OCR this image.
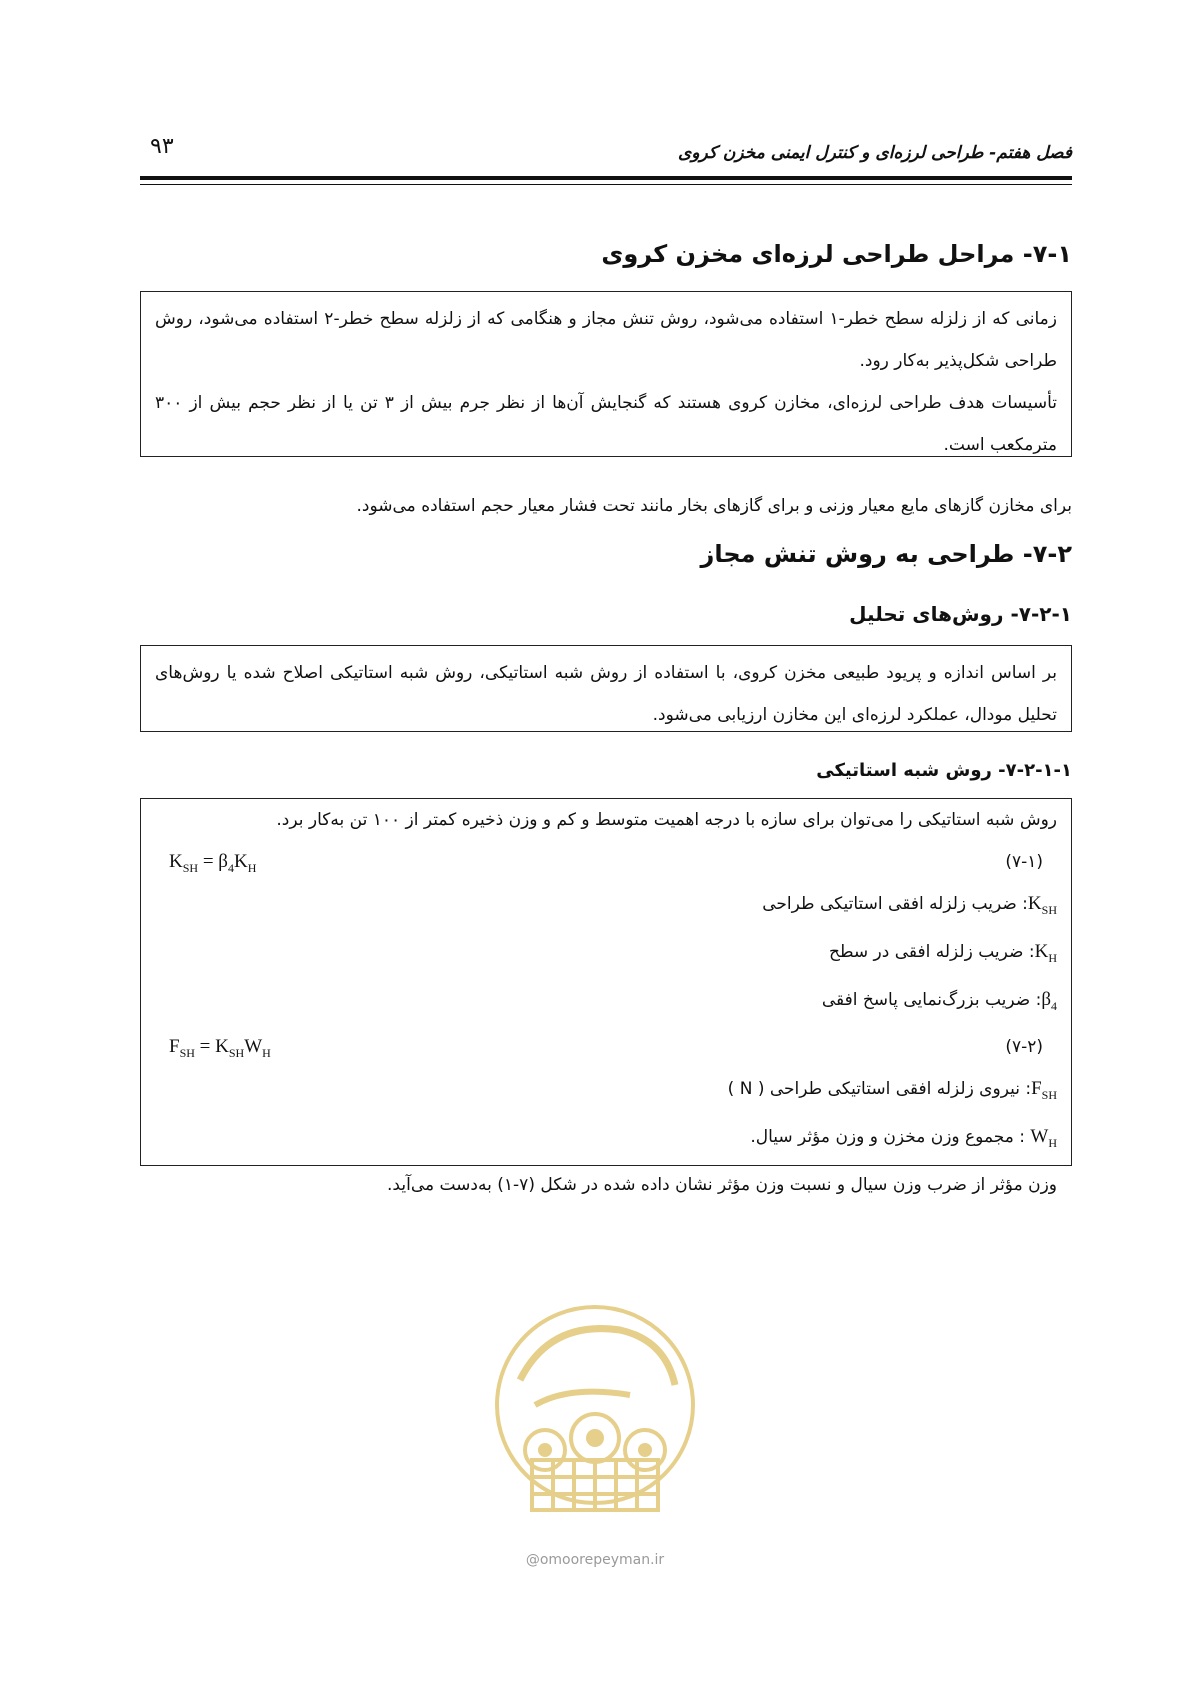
۹۳	فصل هفتم- طراحی لرزه‌ای و کنترل ایمنی مخزن کروی
۷-۱- مراحل طراحی لرزه‌ای مخزن کروی

زمانی که از زلزله سطح خطر-۱ استفاده می‌شود، روش تنش مجاز و هنگامی که از زلزله سطح خطر-۲ استفاده می‌شود، روش طراحی شکل‌پذیر به‌کار رود.

تأسیسات هدف طراحی لرزه‌ای، مخازن کروی هستند که گنجایش آن‌ها از نظر جرم بیش از ۳ تن یا از نظر حجم بیش از ۳۰۰ مترمکعب است.

برای مخازن گازهای مایع معیار وزنی و برای گازهای بخار مانند تحت فشار معیار حجم استفاده می‌شود.
۷-۲- طراحی به روش تنش مجاز
۷-۲-۱- روش‌های تحلیل

بر اساس اندازه و پریود طبیعی مخزن کروی، با استفاده از روش شبه استاتیکی، روش شبه استاتیکی اصلاح شده یا روش‌های تحلیل مودال، عملکرد لرزه‌ای این مخازن ارزیابی می‌شود.

۷-۲-۱-۱- روش شبه استاتیکی

روش شبه استاتیکی را می‌توان برای سازه با درجه اهمیت متوسط و کم و وزن ذخیره کمتر از ۱۰۰ تن به‌کار برد.

(۷-۱)
$K_{SH} = \beta_4K_H$

$K_{SH}$: ضریب زلزله افقی استاتیکی طراحی

$K_H$: ضریب زلزله افقی در سطح

$\beta_4$: ضریب بزرگ‌نمایی پاسخ افقی

(۷-۲)
$F_{SH} = K_{SH}W_H$

$F_{SH}$: نیروی زلزله افقی استاتیکی طراحی ( N )

$W_H$ : مجموع وزن مخزن و وزن مؤثر سیال.

وزن مؤثر از ضرب وزن سیال و نسبت وزن مؤثر نشان داده شده در شکل (۷-۱) به‌دست می‌آید.

@omoorepeyman.ir
